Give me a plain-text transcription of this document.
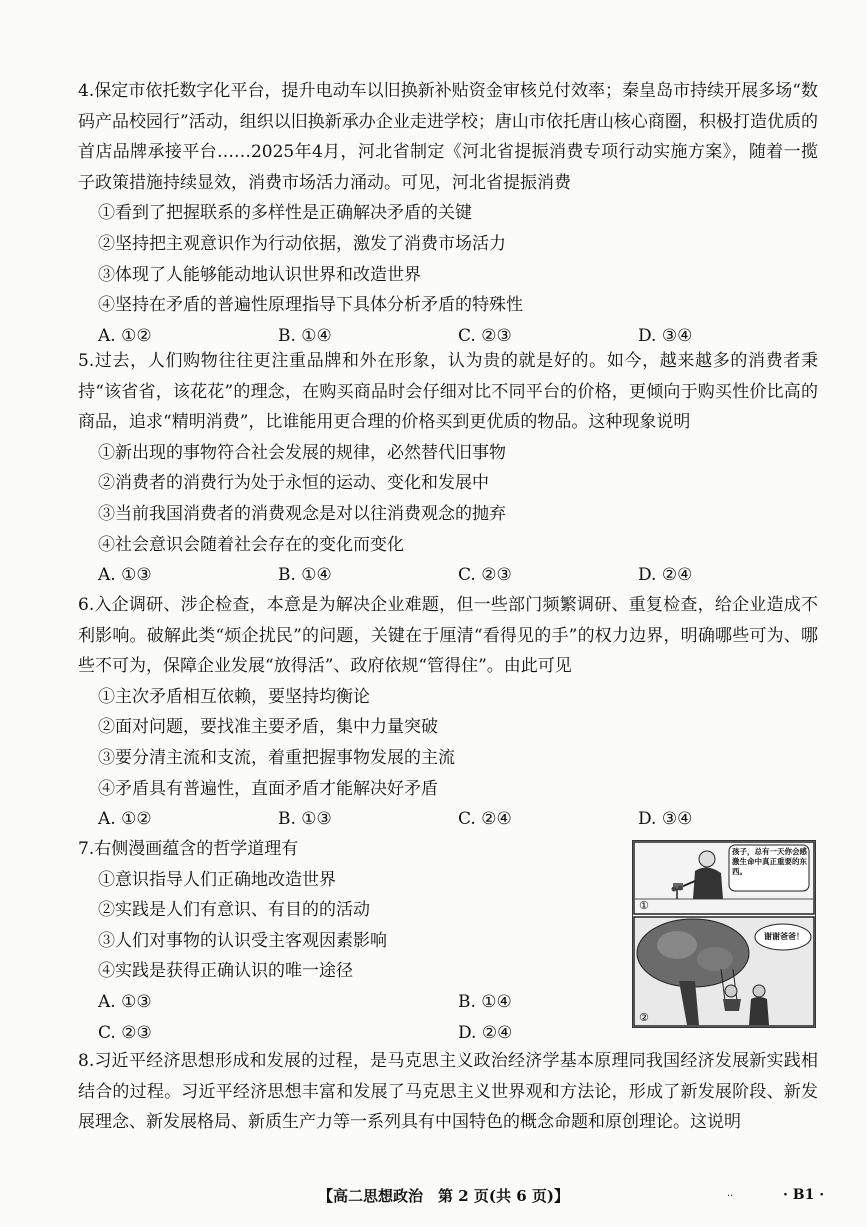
4.保定市依托数字化平台，提升电动车以旧换新补贴资金审核兑付效率；秦皇岛市持续开展多场“数码产品校园行”活动，组织以旧换新承办企业走进学校；唐山市依托唐山核心商圈，积极打造优质的首店品牌承接平台……2025年4月，河北省制定《河北省提振消费专项行动实施方案》，随着一揽子政策措施持续显效，消费市场活力涌动。可见，河北省提振消费

①看到了把握联系的多样性是正确解决矛盾的关键

②坚持把主观意识作为行动依据，激发了消费市场活力

③体现了人能够能动地认识世界和改造世界

④坚持在矛盾的普遍性原理指导下具体分析矛盾的特殊性

A. ①②	B. ①④	C. ②③	D. ③④

5.过去，人们购物往往更注重品牌和外在形象，认为贵的就是好的。如今，越来越多的消费者秉持“该省省，该花花”的理念，在购买商品时会仔细对比不同平台的价格，更倾向于购买性价比高的商品，追求“精明消费”，比谁能用更合理的价格买到更优质的物品。这种现象说明

①新出现的事物符合社会发展的规律，必然替代旧事物

②消费者的消费行为处于永恒的运动、变化和发展中

③当前我国消费者的消费观念是对以往消费观念的抛弃

④社会意识会随着社会存在的变化而变化

A. ①③	B. ①④	C. ②③	D. ②④

6.入企调研、涉企检查，本意是为解决企业难题，但一些部门频繁调研、重复检查，给企业造成不利影响。破解此类“烦企扰民”的问题，关键在于厘清“看得见的手”的权力边界，明确哪些可为、哪些不可为，保障企业发展“放得活”、政府依规“管得住”。由此可见

①主次矛盾相互依赖，要坚持均衡论

②面对问题，要找准主要矛盾，集中力量突破

③要分清主流和支流，着重把握事物发展的主流

④矛盾具有普遍性，直面矛盾才能解决好矛盾

A. ①②	B. ①③	C. ②④	D. ③④

7.右侧漫画蕴含的哲学道理有

①意识指导人们正确地改造世界

②实践是人们有意识、有目的的活动

③人们对事物的认识受主客观因素影响

④实践是获得正确认识的唯一途径

A. ①③	B. ①④
C. ②③	D. ②④
孩子，总有一天你会感激生命中真正重要的东西。
①
谢谢爸爸！
②

8.习近平经济思想形成和发展的过程，是马克思主义政治经济学基本原理同我国经济发展新实践相结合的过程。习近平经济思想丰富和发展了马克思主义世界观和方法论，形成了新发展阶段、新发展理念、新发展格局、新质生产力等一系列具有中国特色的概念命题和原创理论。这说明

【高二思想政治　第 2 页(共 6 页)】	..	· B1 ·
